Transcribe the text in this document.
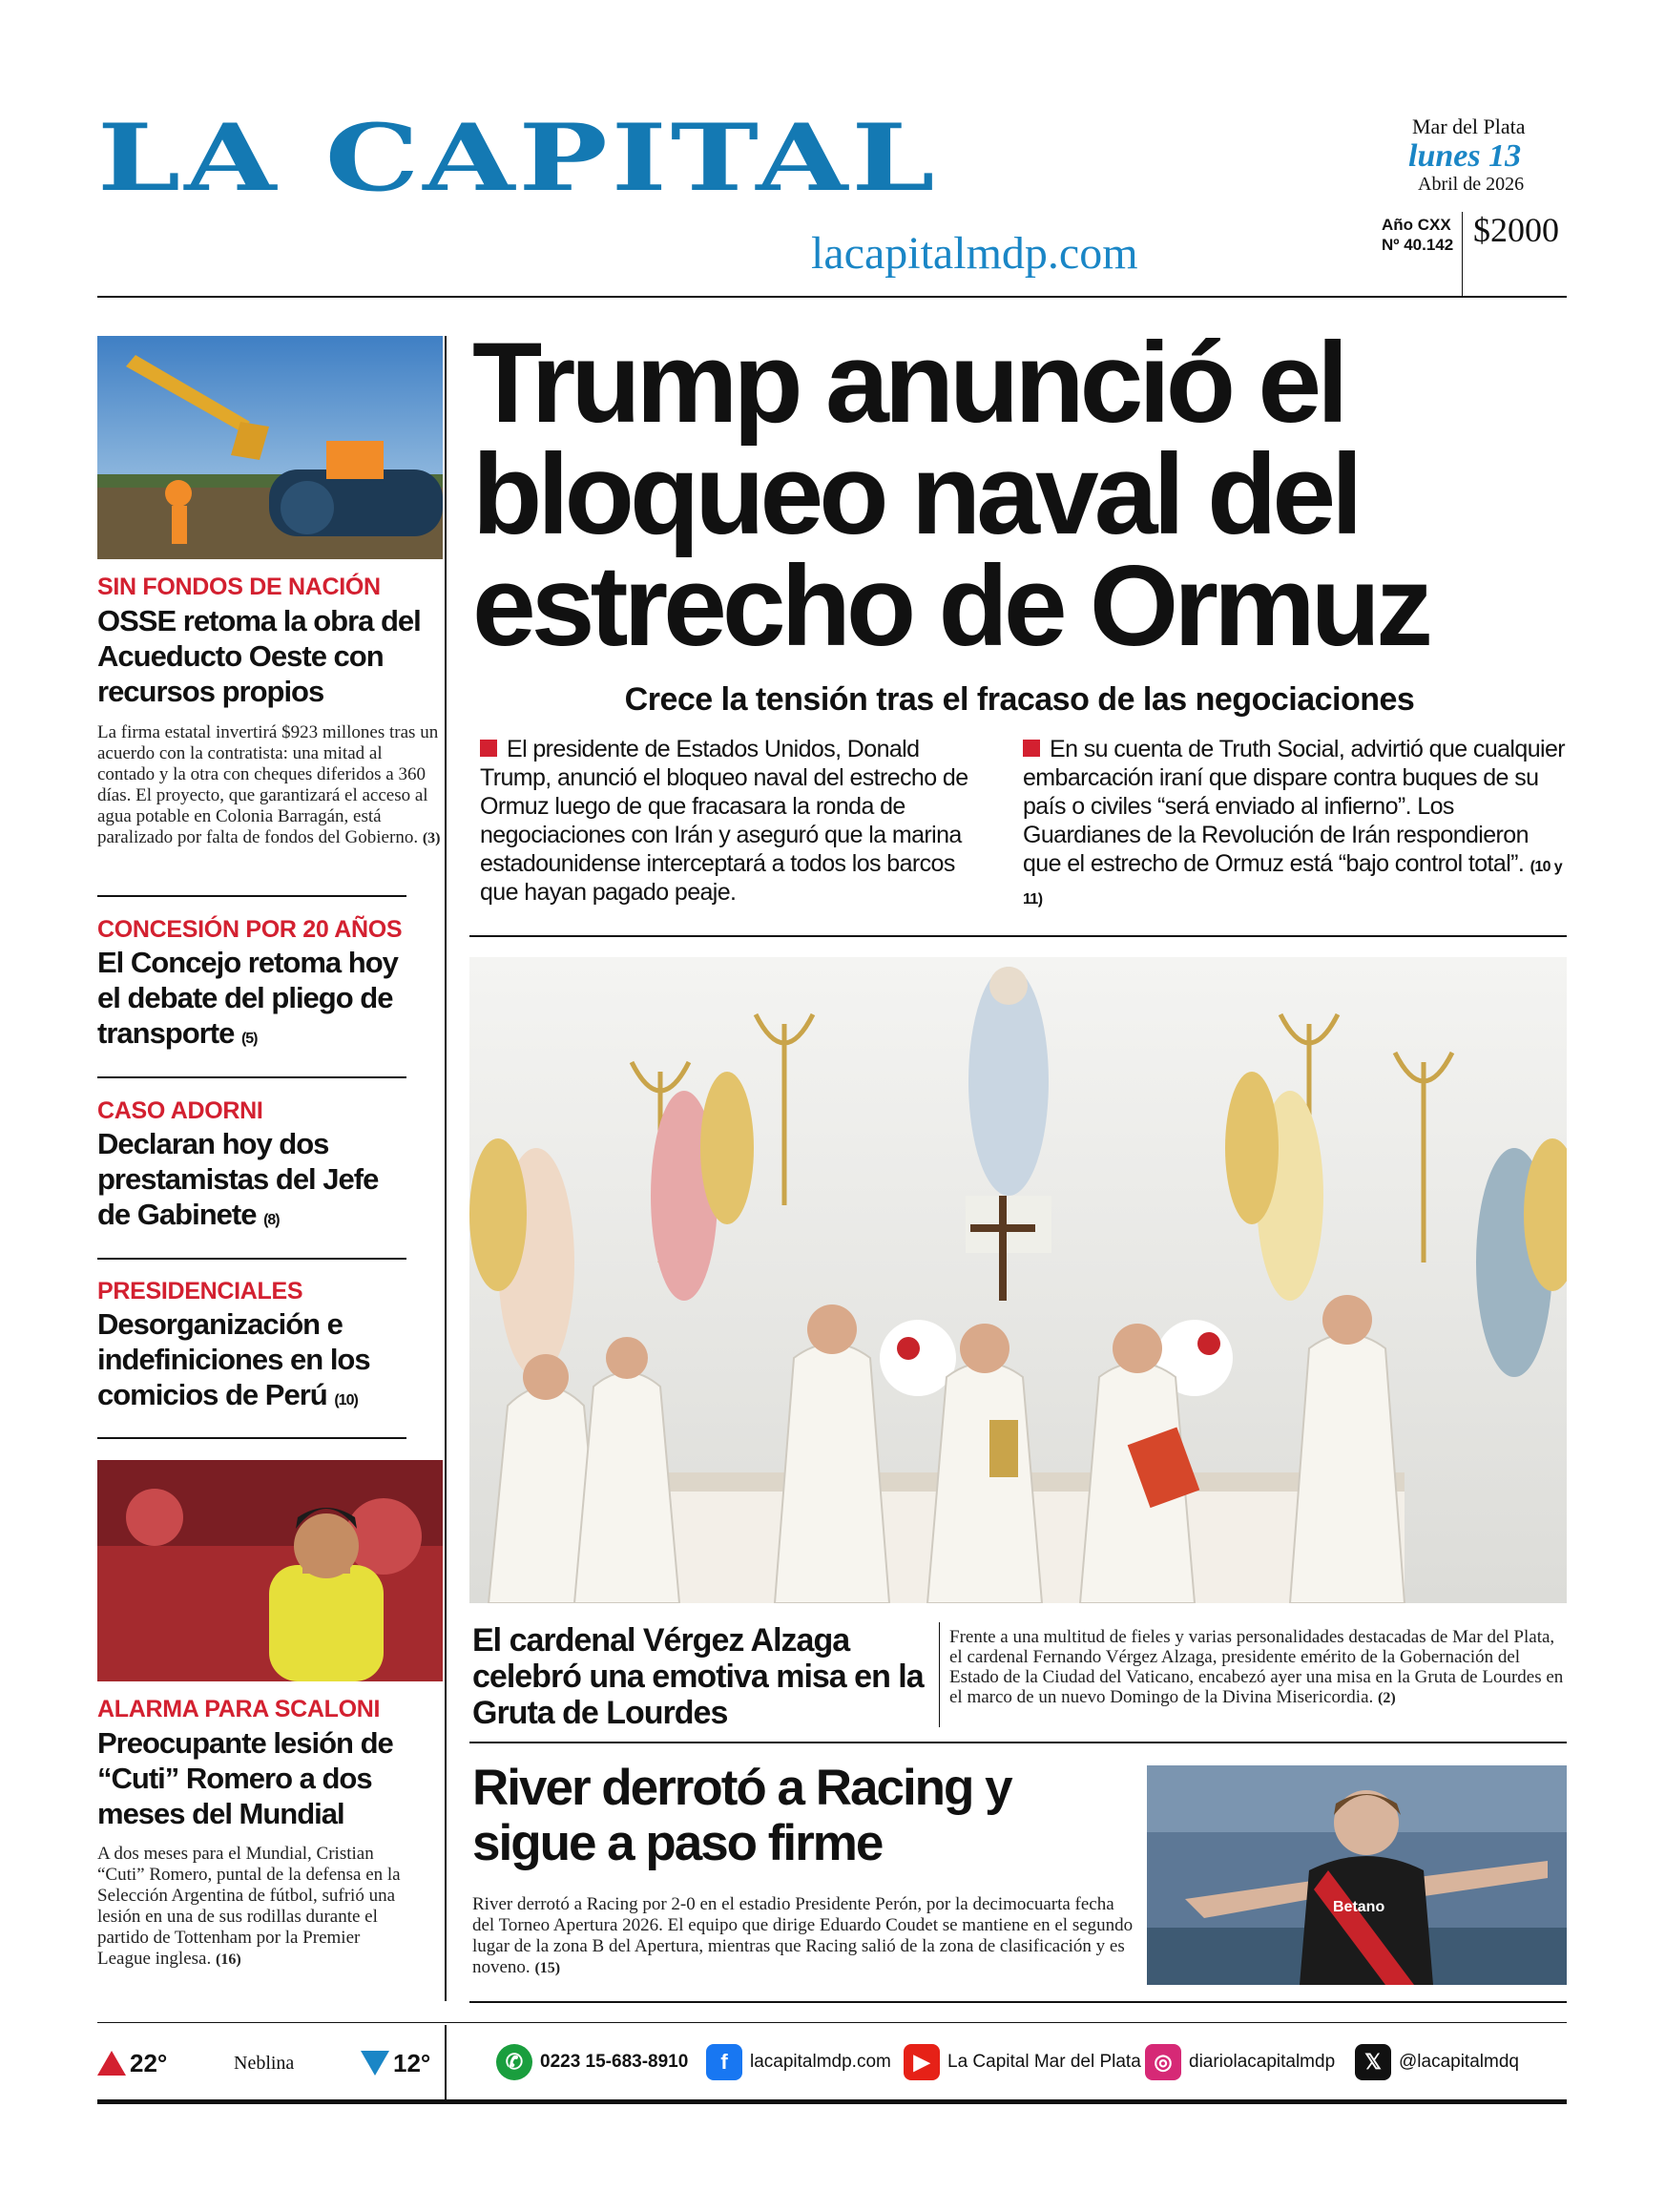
LA CAPITAL
lacapitalmdp.com
Mar del Plata
lunes 13
Abril de 2026
Año CXX
Nº 40.142 $2000
SIN FONDOS DE NACIÓN
OSSE retoma la obra del Acueducto Oeste con recursos propios
La firma estatal invertirá $923 millones tras un acuerdo con la contratista: una mitad al contado y la otra con cheques diferidos a 360 días. El proyecto, que garantizará el acceso al agua potable en Colonia Barragán, está paralizado por falta de fondos del Gobierno. (3)
CONCESIÓN POR 20 AÑOS
El Concejo retoma hoy el debate del pliego de transporte (5)
CASO ADORNI
Declaran hoy dos prestamistas del Jefe de Gabinete (8)
PRESIDENCIALES
Desorganización e indefiniciones en los comicios de Perú (10)
ALARMA PARA SCALONI
Preocupante lesión de “Cuti” Romero a dos meses del Mundial
A dos meses para el Mundial, Cristian “Cuti” Romero, puntal de la defensa en la Selección Argentina de fútbol, sufrió una lesión en una de sus rodillas durante el partido de Tottenham por la Premier League inglesa. (16)
Trump anunció el bloqueo naval del estrecho de Ormuz
Crece la tensión tras el fracaso de las negociaciones
El presidente de Estados Unidos, Donald Trump, anunció el bloqueo naval del estrecho de Ormuz luego de que fracasara la ronda de negociaciones con Irán y aseguró que la marina estadounidense interceptará a todos los barcos que hayan pagado peaje.
En su cuenta de Truth Social, advirtió que cualquier embarcación iraní que dispare contra buques de su país o civiles “será enviado al infierno”. Los Guardianes de la Revolución de Irán respondieron que el estrecho de Ormuz está “bajo control total”. (10 y 11)
El cardenal Vérgez Alzaga celebró una emotiva misa en la Gruta de Lourdes
Frente a una multitud de fieles y varias personalidades destacadas de Mar del Plata, el cardenal Fernando Vérgez Alzaga, presidente emérito de la Gobernación del Estado de la Ciudad del Vaticano, encabezó ayer una misa en la Gruta de Lourdes en el marco de un nuevo Domingo de la Divina Misericordia. (2)
River derrotó a Racing y sigue a paso firme
River derrotó a Racing por 2-0 en el estadio Presidente Perón, por la decimocuarta fecha del Torneo Apertura 2026. El equipo que dirige Eduardo Coudet se mantiene en el segundo lugar de la zona B del Apertura, mientras que Racing salió de la zona de clasificación y es noveno. (15)
Betano
22°	Neblina	12°	✆ 0223 15-683-8910	f	lacapitalmdp.com	▶ La Capital Mar del Plata ◎ diariolacapitalmdp	𝕏 @lacapitalmdq
